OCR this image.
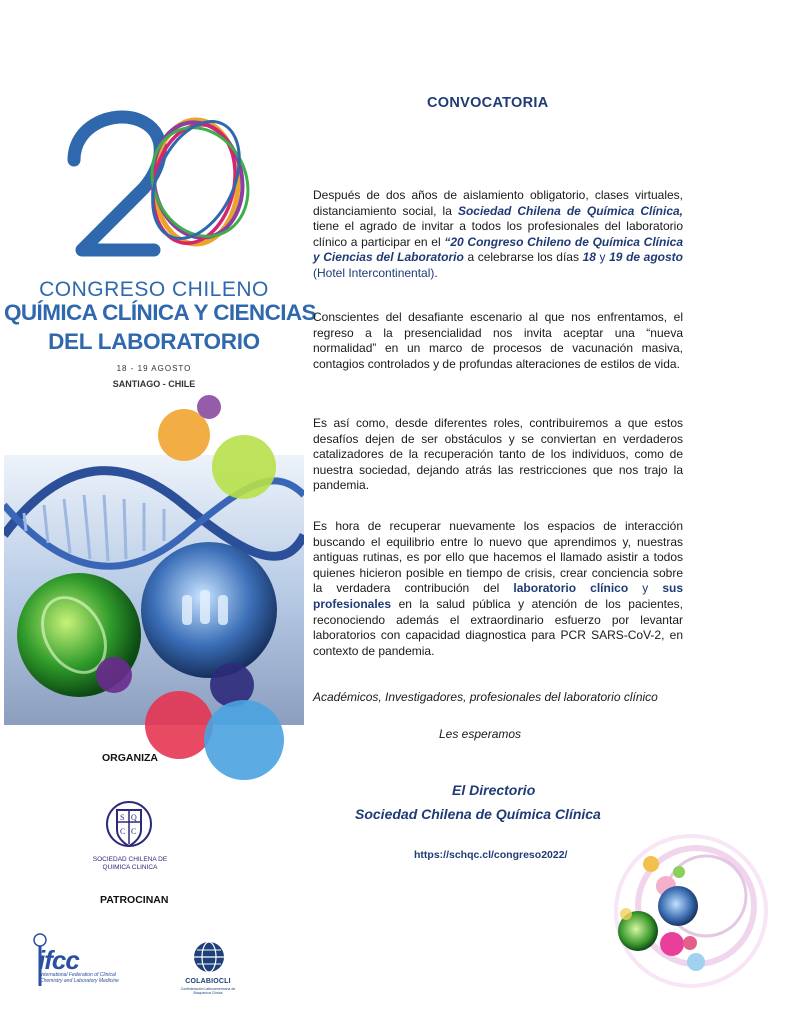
CONGRESO CHILENO
QUÍMICA CLÍNICA Y CIENCIAS
DEL LABORATORIO
18 - 19 AGOSTO
SANTIAGO - CHILE
ORGANIZA
S Q
C C
SOCIEDAD CHILENA DE QUIMICA CLINICA
PATROCINAN
ifcc
International Federation of Clinical Chemistry and Laboratory Medicine	COLABIOCLI
Confederación Latinoamericana de Bioquímica Clínica
CONVOCATORIA

Después de dos años de aislamiento obligatorio, clases virtuales, distanciamiento social, la Sociedad Chilena de Química Clínica, tiene el agrado de invitar a todos los profesionales del laboratorio clínico a participar en el “20 Congreso Chileno de Química Clínica y Ciencias del Laboratorio a celebrarse los días 18 y 19 de agosto (Hotel Intercontinental).

Conscientes del desafiante escenario al que nos enfrentamos, el regreso a la presencialidad nos invita aceptar una “nueva normalidad” en un marco de procesos de vacunación masiva, contagios controlados y de profundas alteraciones de estilos de vida.

Es así como, desde diferentes roles, contribuiremos a que estos desafíos dejen de ser obstáculos y se conviertan en verdaderos catalizadores de la recuperación tanto de los individuos, como de nuestra sociedad, dejando atrás las restricciones que nos trajo la pandemia.

Es hora de recuperar nuevamente los espacios de interacción buscando el equilibrio entre lo nuevo que aprendimos y, nuestras antiguas rutinas, es por ello que hacemos el llamado asistir a todos quienes hicieron posible en tiempo de crisis, crear conciencia sobre la verdadera contribución del laboratorio clínico y sus profesionales en la salud pública y atención de los pacientes, reconociendo además el extraordinario esfuerzo por levantar laboratorios con capacidad diagnostica para PCR SARS-CoV-2, en contexto de pandemia.

Académicos, Investigadores, profesionales del laboratorio clínico
Les esperamos
El Directorio
Sociedad Chilena de Química Clínica
https://schqc.cl/congreso2022/
